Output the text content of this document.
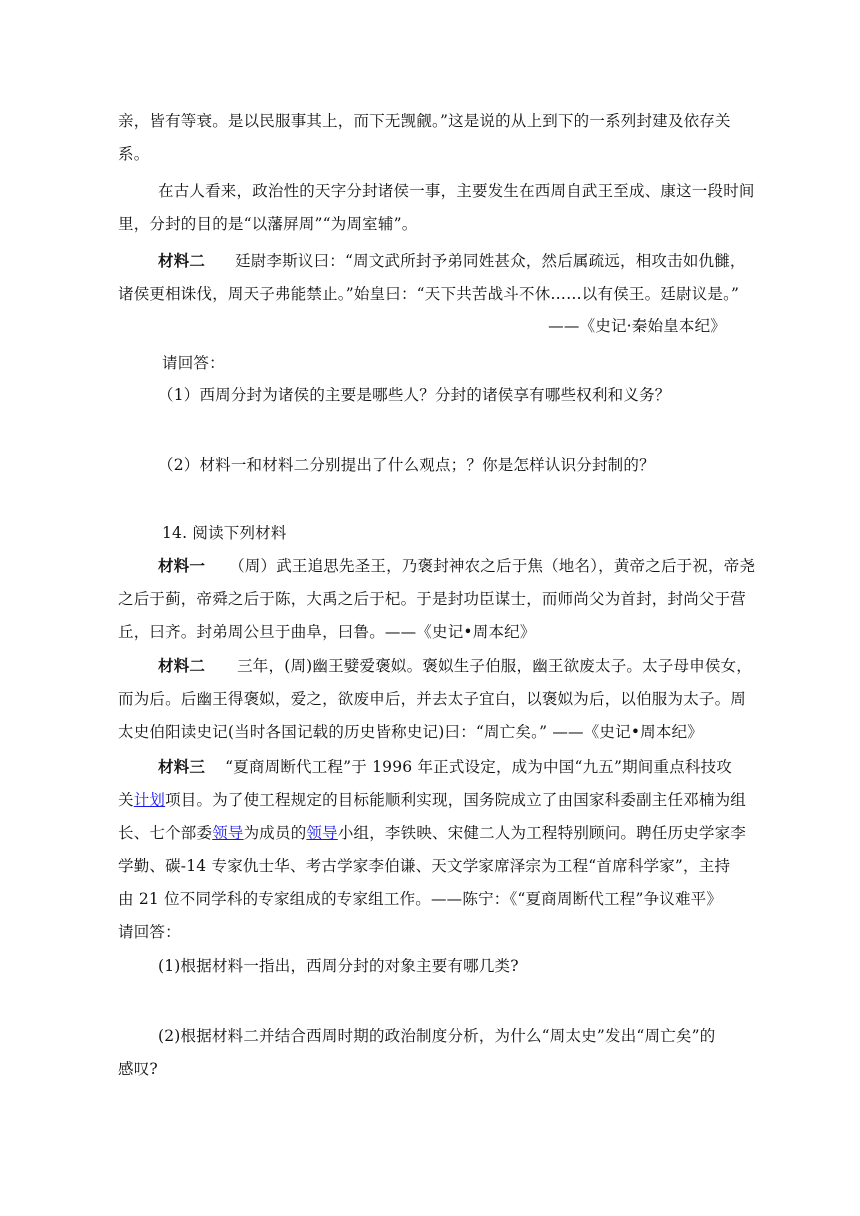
亲，皆有等衰。是以民服事其上，而下无觊觎。”这是说的从上到下的一系列封建及依存关

系。

在古人看来，政治性的天字分封诸侯一事，主要发生在西周自武王至成、康这一段时间

里，分封的目的是“以藩屏周”“为周室辅”。

材料二 廷尉李斯议曰：“周文武所封予弟同姓甚众，然后属疏远，相攻击如仇雠，

诸侯更相诛伐，周天子弗能禁止。”始皇曰：“天下共苦战斗不休……以有侯王。廷尉议是。”

——《史记·秦始皇本纪》

请回答：

（1）西周分封为诸侯的主要是哪些人？分封的诸侯享有哪些权利和义务？

（2）材料一和材料二分别提出了什么观点；？你是怎样认识分封制的？

14. 阅读下列材料

材料一 （周）武王追思先圣王，乃褒封神农之后于焦（地名），黄帝之后于祝，帝尧

之后于蓟，帝舜之后于陈，大禹之后于杞。于是封功臣谋士，而师尚父为首封，封尚父于营

丘，曰齐。封弟周公旦于曲阜，曰鲁。——《史记•周本纪》

材料二 三年，(周)幽王嬖爱褒姒。褒姒生子伯服，幽王欲废太子。太子母申侯女，

而为后。后幽王得褒姒，爱之，欲废申后，并去太子宜白，以褒姒为后，以伯服为太子。周

太史伯阳读史记(当时各国记载的历史皆称史记)曰：“周亡矣。” ——《史记•周本纪》

材料三 “夏商周断代工程”于 1996 年正式设定，成为中国“九五”期间重点科技攻

关计划项目。为了使工程规定的目标能顺利实现，国务院成立了由国家科委副主任邓楠为组

长、七个部委领导为成员的领导小组，李铁映、宋健二人为工程特别顾问。聘任历史学家李

学勤、碳-14 专家仇士华、考古学家李伯谦、天文学家席泽宗为工程“首席科学家”，主持

由 21 位不同学科的专家组成的专家组工作。——陈宁：《“夏商周断代工程”争议难平》

请回答：

(1)根据材料一指出，西周分封的对象主要有哪几类?

(2)根据材料二并结合西周时期的政治制度分析，为什么“周太史”发出“周亡矣”的

感叹?
